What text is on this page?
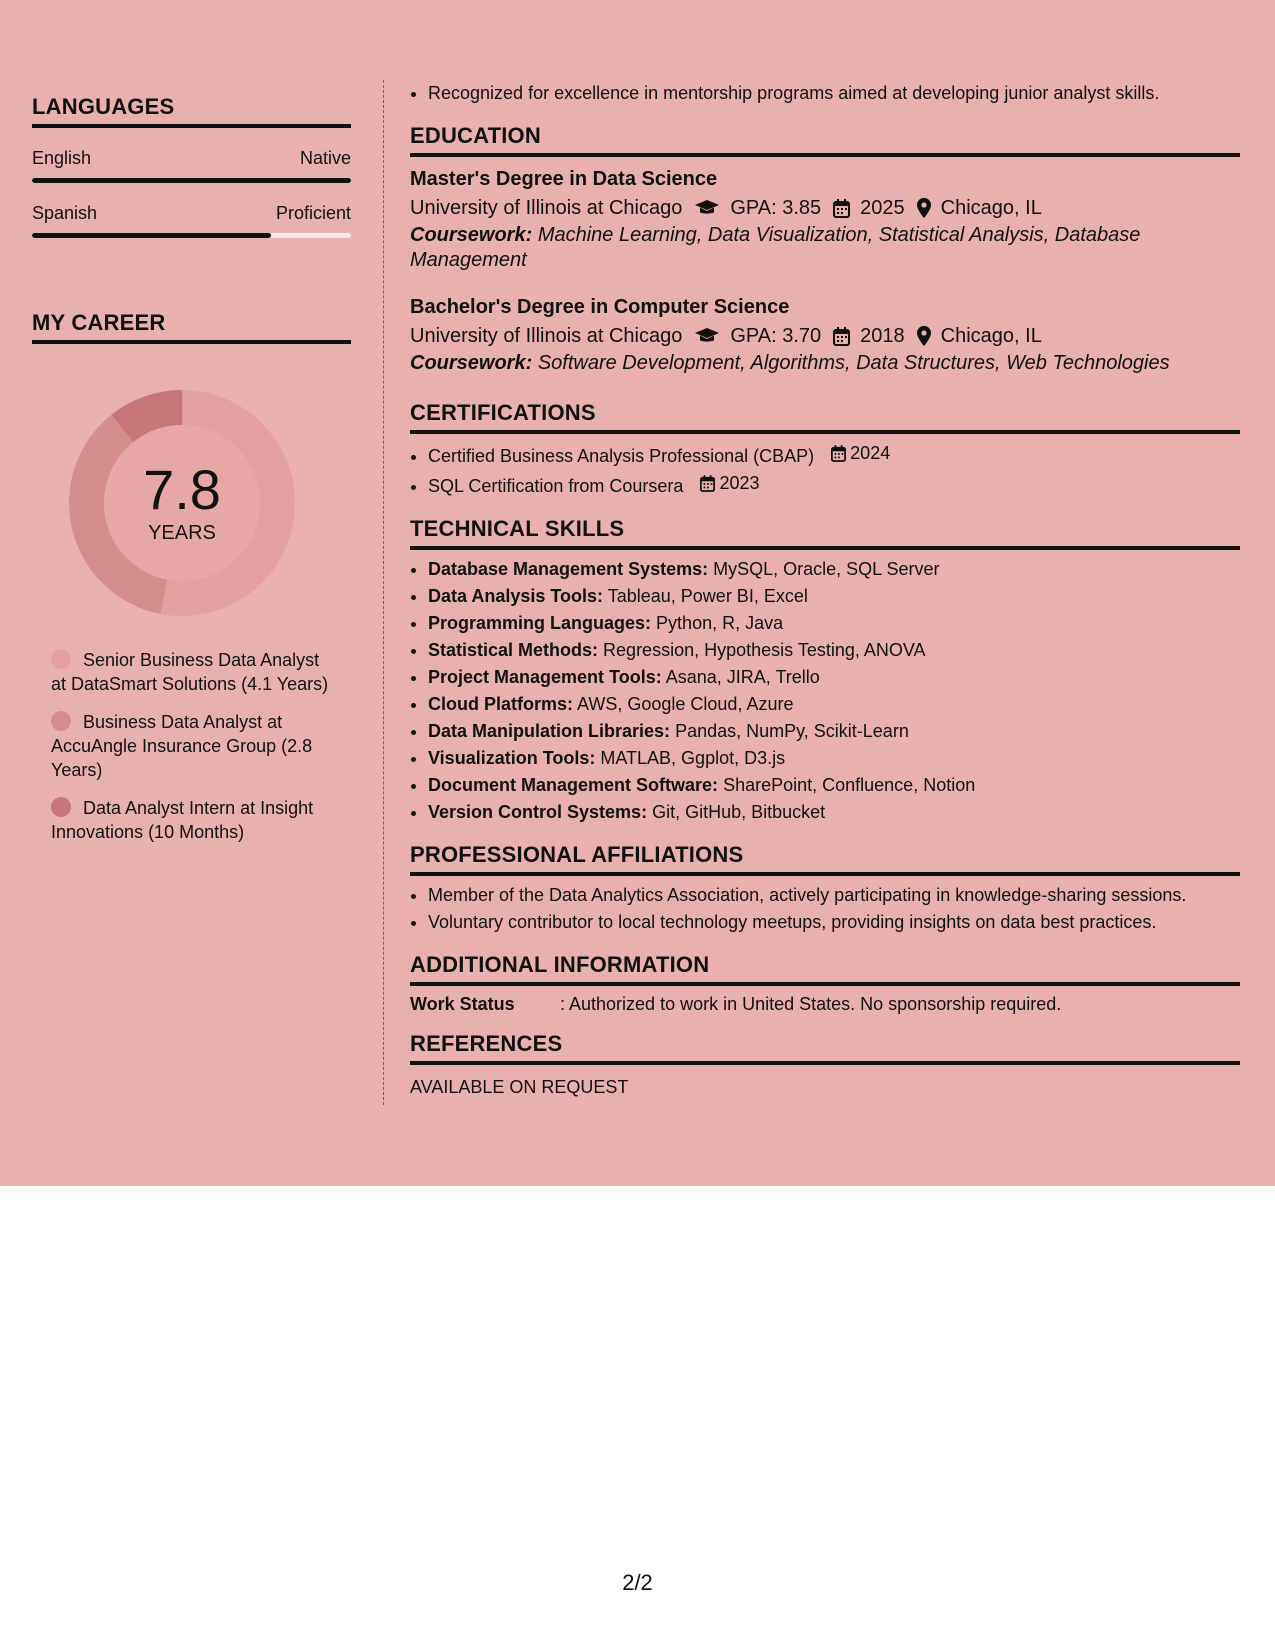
LANGUAGES
English	Native
Spanish	Proficient
MY CAREER
7.8
YEARS
Senior Business Data Analyst at DataSmart Solutions (4.1 Years)
Business Data Analyst at AccuAngle Insurance Group (2.8 Years)
Data Analyst Intern at Insight Innovations (10 Months)
• Recognized for excellence in mentorship programs aimed at developing junior analyst skills.
EDUCATION
Master's Degree in Data Science
University of Illinois at Chicago GPA: 3.85 2025 Chicago, IL
Coursework: Machine Learning, Data Visualization, Statistical Analysis, Database Management
Bachelor's Degree in Computer Science
University of Illinois at Chicago GPA: 3.70 2018 Chicago, IL
Coursework: Software Development, Algorithms, Data Structures, Web Technologies
CERTIFICATIONS
• Certified Business Analysis Professional (CBAP) 2024
• SQL Certification from Coursera 2023
TECHNICAL SKILLS
• Database Management Systems: MySQL, Oracle, SQL Server
• Data Analysis Tools: Tableau, Power BI, Excel
• Programming Languages: Python, R, Java
• Statistical Methods: Regression, Hypothesis Testing, ANOVA
• Project Management Tools: Asana, JIRA, Trello
• Cloud Platforms: AWS, Google Cloud, Azure
• Data Manipulation Libraries: Pandas, NumPy, Scikit-Learn
• Visualization Tools: MATLAB, Ggplot, D3.js
• Document Management Software: SharePoint, Confluence, Notion
• Version Control Systems: Git, GitHub, Bitbucket
PROFESSIONAL AFFILIATIONS
• Member of the Data Analytics Association, actively participating in knowledge-sharing sessions.
• Voluntary contributor to local technology meetups, providing insights on data best practices.
ADDITIONAL INFORMATION
Work Status	: Authorized to work in United States. No sponsorship required.
REFERENCES
AVAILABLE ON REQUEST
2/2
